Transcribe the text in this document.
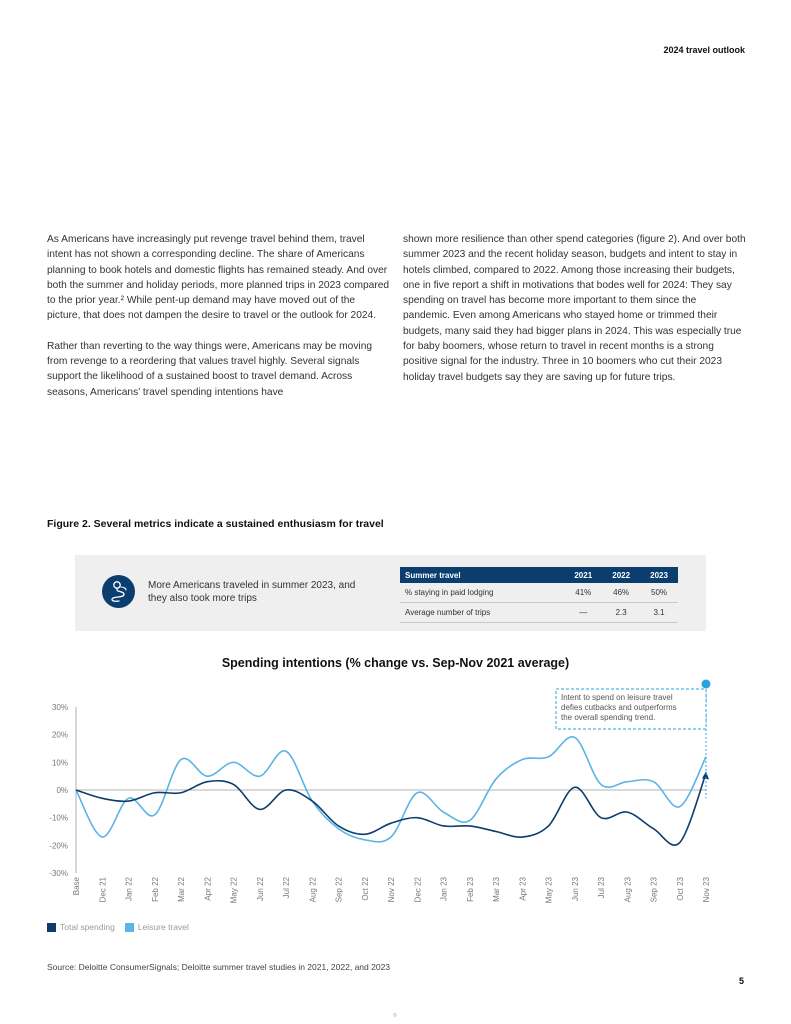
2024 travel outlook

As Americans have increasingly put revenge travel behind them, travel intent has not shown a corresponding decline. The share of Americans planning to book hotels and domestic flights has remained steady. And over both the summer and holiday periods, more planned trips in 2023 compared to the prior year.² While pent-up demand may have moved out of the picture, that does not dampen the desire to travel or the outlook for 2024.

Rather than reverting to the way things were, Americans may be moving from revenge to a reordering that values travel highly. Several signals support the likelihood of a sustained boost to travel demand. Across seasons, Americans’ travel spending intentions have

shown more resilience than other spend categories (figure 2). And over both summer 2023 and the recent holiday season, budgets and intent to stay in hotels climbed, compared to 2022. Among those increasing their budgets, one in five report a shift in motivations that bodes well for 2024: They say spending on travel has become more important to them since the pandemic. Even among Americans who stayed home or trimmed their budgets, many said they had bigger plans in 2024. This was especially true for baby boomers, whose return to travel in recent months is a strong positive signal for the industry. Three in 10 boomers who cut their 2023 holiday travel budgets say they are saving up for future trips.

Figure 2. Several metrics indicate a sustained enthusiasm for travel
More Americans traveled in summer 2023, and they also took more trips
Summer travel	2021	2022	2023
% staying in paid lodging	41%	46%	50%
Average number of trips	—	2.3	3.1
Spending intentions (% change vs. Sep-Nov 2021 average)
30%
20%
10%
0%
-10%
-20%
-30%
Base Dec 21 Jan 22 Feb 22 Mar 22 Apr 22 May 22 Jun 22 Jul 22 Aug 22 Sep 22 Oct 22 Nov 22 Dec 22 Jan 23 Feb 23 Mar 23 Apr 23 May 23 Jun 23 Jul 23 Aug 23 Sep 23 Oct 23 Nov 23
Intent to spend on leisure travel defies cutbacks and outperforms the overall spending trend.
Total spending	Leisure travel
Source: Deloitte ConsumerSignals; Deloitte summer travel studies in 2021, 2022, and 2023
5
®
